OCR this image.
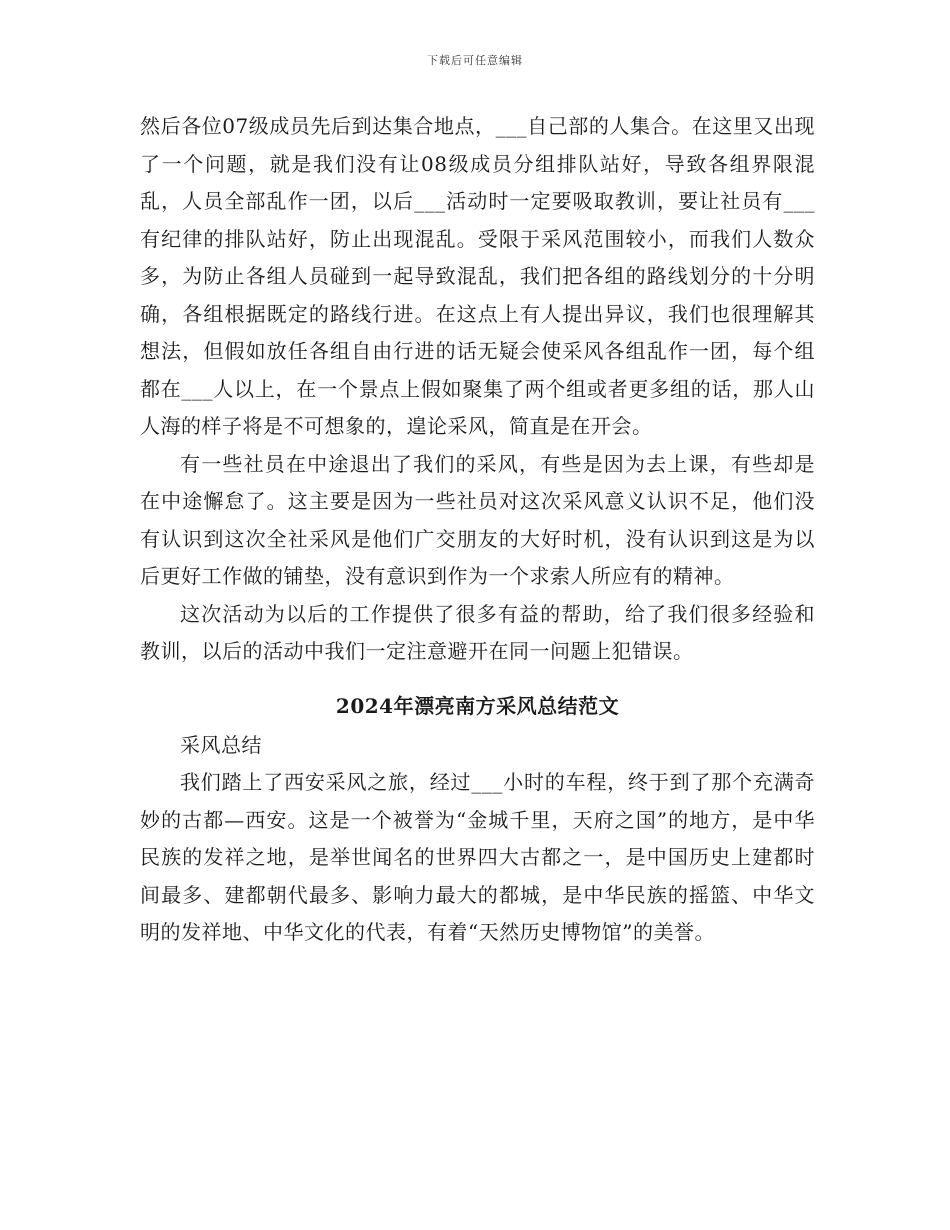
下载后可任意编辑

然后各位07级成员先后到达集合地点，___自己部的人集合。在这里又出现了一个问题，就是我们没有让08级成员分组排队站好，导致各组界限混乱，人员全部乱作一团，以后___活动时一定要吸取教训，要让社员有___有纪律的排队站好，防止出现混乱。受限于采风范围较小，而我们人数众多，为防止各组人员碰到一起导致混乱，我们把各组的路线划分的十分明确，各组根据既定的路线行进。在这点上有人提出异议，我们也很理解其想法，但假如放任各组自由行进的话无疑会使采风各组乱作一团，每个组都在___人以上，在一个景点上假如聚集了两个组或者更多组的话，那人山人海的样子将是不可想象的，遑论采风，简直是在开会。

有一些社员在中途退出了我们的采风，有些是因为去上课，有些却是在中途懈怠了。这主要是因为一些社员对这次采风意义认识不足，他们没有认识到这次全社采风是他们广交朋友的大好时机，没有认识到这是为以后更好工作做的铺垫，没有意识到作为一个求索人所应有的精神。

这次活动为以后的工作提供了很多有益的帮助，给了我们很多经验和教训，以后的活动中我们一定注意避开在同一问题上犯错误。

2024年漂亮南方采风总结范文

采风总结

我们踏上了西安采风之旅，经过___小时的车程，终于到了那个充满奇妙的古都—西安。这是一个被誉为“金城千里，天府之国”的地方，是中华民族的发祥之地，是举世闻名的世界四大古都之一，是中国历史上建都时间最多、建都朝代最多、影响力最大的都城，是中华民族的摇篮、中华文明的发祥地、中华文化的代表，有着“天然历史博物馆”的美誉。
